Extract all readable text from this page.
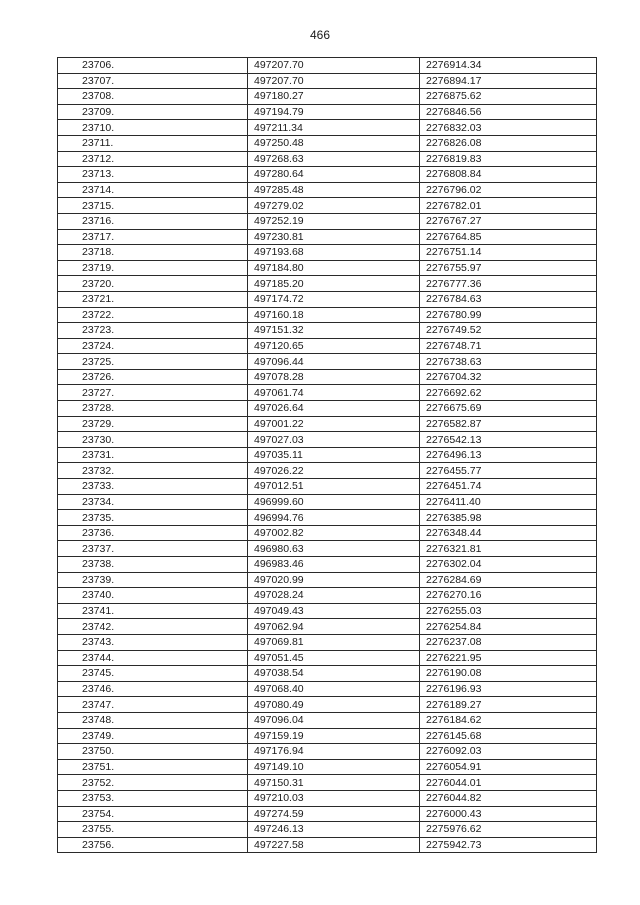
466
23706.	497207.70	2276914.34
23707.	497207.70	2276894.17
23708.	497180.27	2276875.62
23709.	497194.79	2276846.56
23710.	497211.34	2276832.03
23711.	497250.48	2276826.08
23712.	497268.63	2276819.83
23713.	497280.64	2276808.84
23714.	497285.48	2276796.02
23715.	497279.02	2276782.01
23716.	497252.19	2276767.27
23717.	497230.81	2276764.85
23718.	497193.68	2276751.14
23719.	497184.80	2276755.97
23720.	497185.20	2276777.36
23721.	497174.72	2276784.63
23722.	497160.18	2276780.99
23723.	497151.32	2276749.52
23724.	497120.65	2276748.71
23725.	497096.44	2276738.63
23726.	497078.28	2276704.32
23727.	497061.74	2276692.62
23728.	497026.64	2276675.69
23729.	497001.22	2276582.87
23730.	497027.03	2276542.13
23731.	497035.11	2276496.13
23732.	497026.22	2276455.77
23733.	497012.51	2276451.74
23734.	496999.60	2276411.40
23735.	496994.76	2276385.98
23736.	497002.82	2276348.44
23737.	496980.63	2276321.81
23738.	496983.46	2276302.04
23739.	497020.99	2276284.69
23740.	497028.24	2276270.16
23741.	497049.43	2276255.03
23742.	497062.94	2276254.84
23743.	497069.81	2276237.08
23744.	497051.45	2276221.95
23745.	497038.54	2276190.08
23746.	497068.40	2276196.93
23747.	497080.49	2276189.27
23748.	497096.04	2276184.62
23749.	497159.19	2276145.68
23750.	497176.94	2276092.03
23751.	497149.10	2276054.91
23752.	497150.31	2276044.01
23753.	497210.03	2276044.82
23754.	497274.59	2276000.43
23755.	497246.13	2275976.62
23756.	497227.58	2275942.73
